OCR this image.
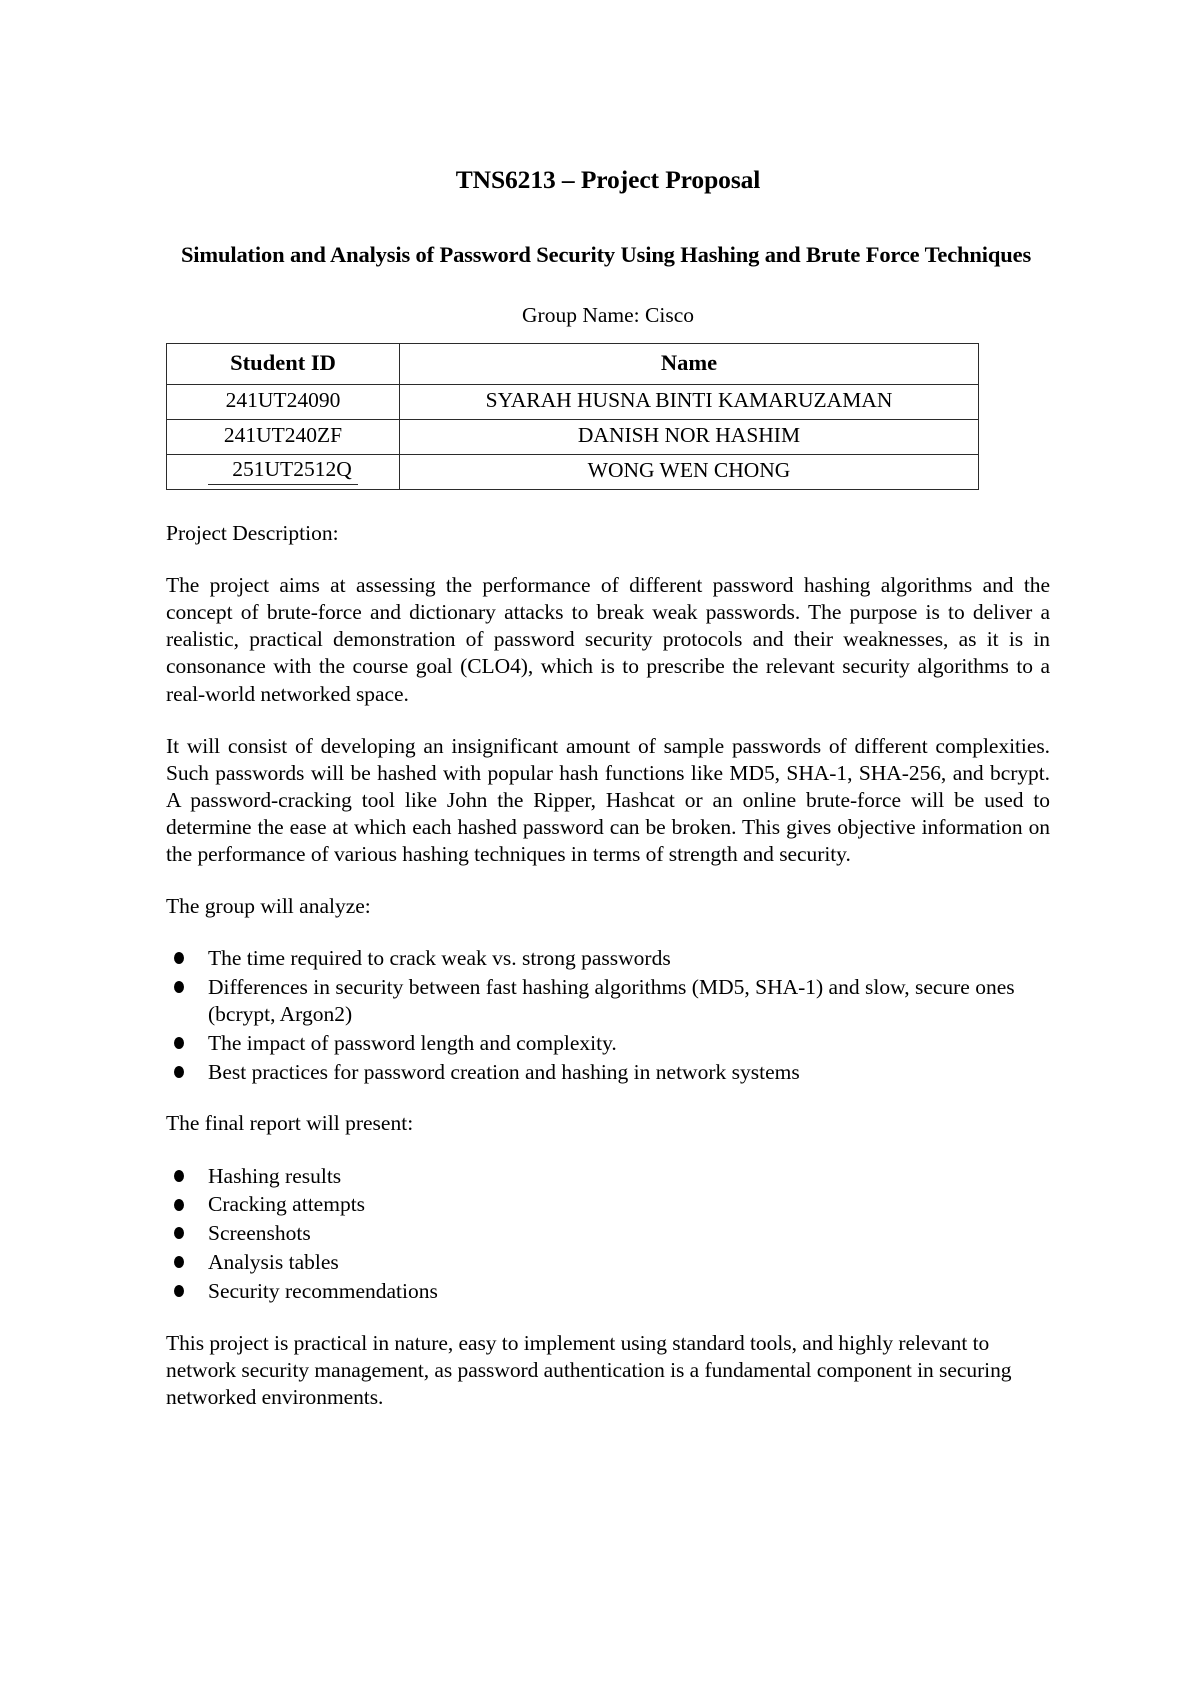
TNS6213 – Project Proposal
Simulation and Analysis of Password Security Using Hashing and Brute Force Techniques
Group Name: Cisco
Student ID	Name
241UT24090	SYARAH HUSNA BINTI KAMARUZAMAN
241UT240ZF	DANISH NOR HASHIM
251UT2512Q	WONG WEN CHONG

Project Description:

The project aims at assessing the performance of different password hashing algorithms and the concept of brute-force and dictionary attacks to break weak passwords. The purpose is to deliver a realistic, practical demonstration of password security protocols and their weaknesses, as it is in consonance with the course goal (CLO4), which is to prescribe the relevant security algorithms to a real-world networked space.

It will consist of developing an insignificant amount of sample passwords of different complexities. Such passwords will be hashed with popular hash functions like MD5, SHA-1, SHA-256, and bcrypt. A password-cracking tool like John the Ripper, Hashcat or an online brute-force will be used to determine the ease at which each hashed password can be broken. This gives objective information on the performance of various hashing techniques in terms of strength and security.

The group will analyze:

The time required to crack weak vs. strong passwords
Differences in security between fast hashing algorithms (MD5, SHA-1) and slow, secure ones (bcrypt, Argon2)
The impact of password length and complexity.
Best practices for password creation and hashing in network systems

The final report will present:

Hashing results
Cracking attempts
Screenshots
Analysis tables
Security recommendations

This project is practical in nature, easy to implement using standard tools, and highly relevant to network security management, as password authentication is a fundamental component in securing networked environments.
